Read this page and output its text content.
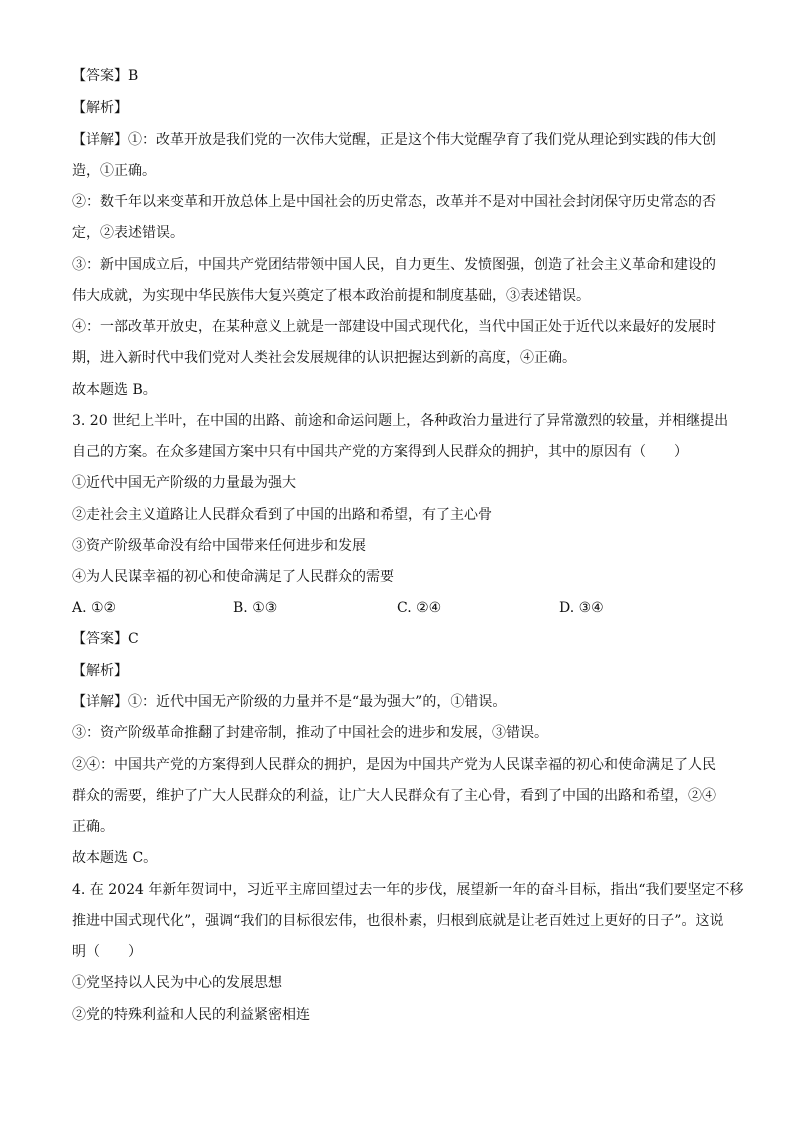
【答案】B
【解析】
【详解】①：改革开放是我们党的一次伟大觉醒，正是这个伟大觉醒孕育了我们党从理论到实践的伟大创
造，①正确。
②：数千年以来变革和开放总体上是中国社会的历史常态，改革并不是对中国社会封闭保守历史常态的否
定，②表述错误。
③：新中国成立后，中国共产党团结带领中国人民，自力更生、发愤图强，创造了社会主义革命和建设的
伟大成就，为实现中华民族伟大复兴奠定了根本政治前提和制度基础，③表述错误。
④：一部改革开放史，在某种意义上就是一部建设中国式现代化，当代中国正处于近代以来最好的发展时
期，进入新时代中我们党对人类社会发展规律的认识把握达到新的高度，④正确。
故本题选 B。
3. 20 世纪上半叶，在中国的出路、前途和命运问题上，各种政治力量进行了异常激烈的较量，并相继提出
自己的方案。在众多建国方案中只有中国共产党的方案得到人民群众的拥护，其中的原因有（　　）
①近代中国无产阶级的力量最为强大
②走社会主义道路让人民群众看到了中国的出路和希望，有了主心骨
③资产阶级革命没有给中国带来任何进步和发展
④为人民谋幸福的初心和使命满足了人民群众的需要
A. ①②	B. ①③	C. ②④	D. ③④
【答案】C
【解析】
【详解】①：近代中国无产阶级的力量并不是“最为强大”的，①错误。
③：资产阶级革命推翻了封建帝制，推动了中国社会的进步和发展，③错误。
②④：中国共产党的方案得到人民群众的拥护，是因为中国共产党为人民谋幸福的初心和使命满足了人民
群众的需要，维护了广大人民群众的利益，让广大人民群众有了主心骨，看到了中国的出路和希望，②④
正确。
故本题选 C。
4. 在 2024 年新年贺词中，习近平主席回望过去一年的步伐，展望新一年的奋斗目标，指出“我们要坚定不移
推进中国式现代化”，强调“我们的目标很宏伟，也很朴素，归根到底就是让老百姓过上更好的日子”。这说
明（　　）
①党坚持以人民为中心的发展思想
②党的特殊利益和人民的利益紧密相连
